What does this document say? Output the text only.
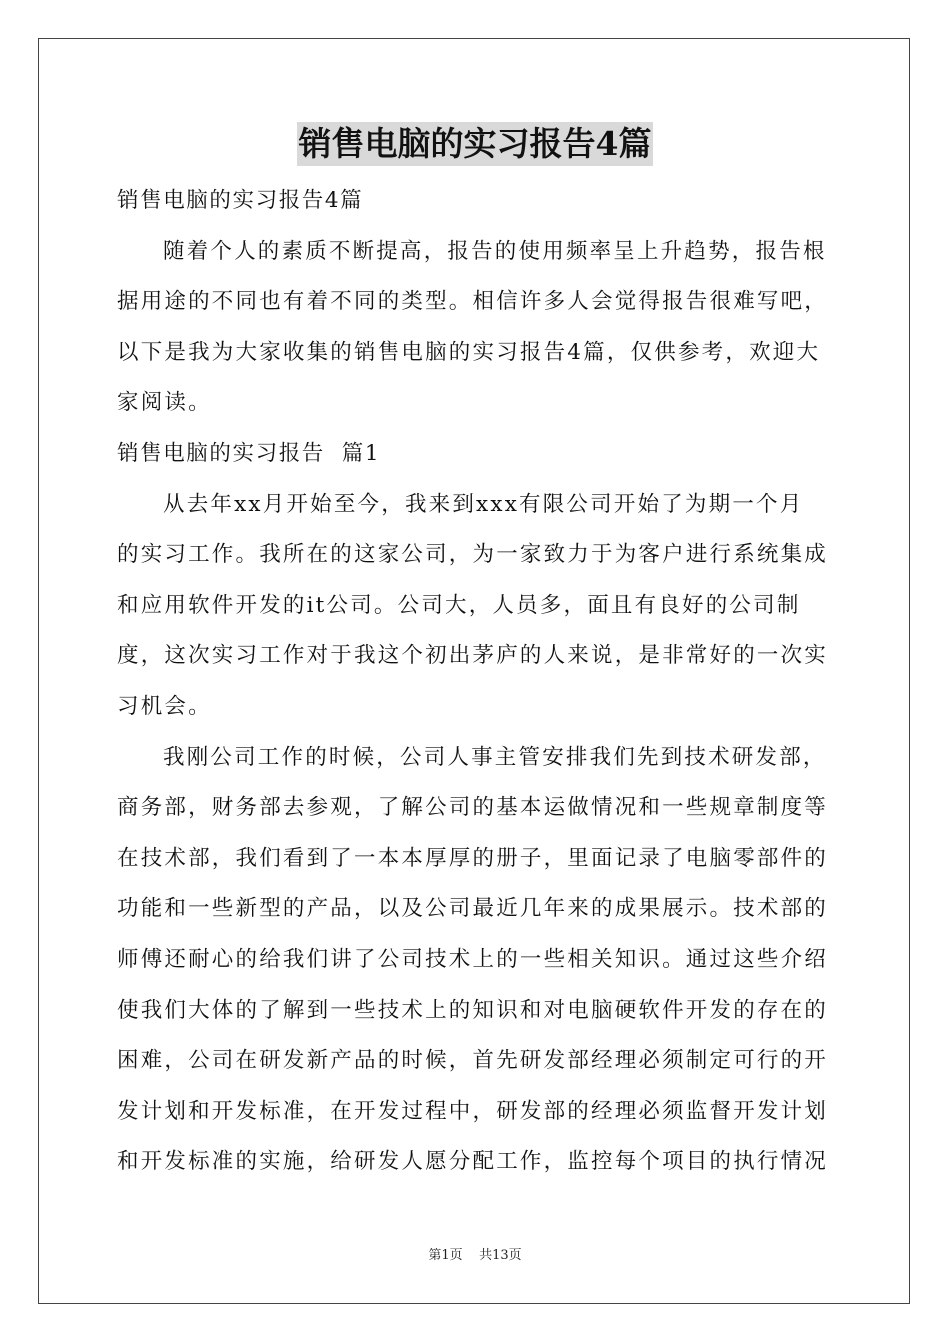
销售电脑的实习报告4篇
销售电脑的实习报告4篇
随着个人的素质不断提高，报告的使用频率呈上升趋势，报告根
据用途的不同也有着不同的类型。相信许多人会觉得报告很难写吧，
以下是我为大家收集的销售电脑的实习报告4篇，仅供参考，欢迎大
家阅读。
销售电脑的实习报告  篇1
从去年xx月开始至今，我来到xxx有限公司开始了为期一个月
的实习工作。我所在的这家公司，为一家致力于为客户进行系统集成
和应用软件开发的it公司。公司大，人员多，面且有良好的公司制
度，这次实习工作对于我这个初出茅庐的人来说，是非常好的一次实
习机会。
我刚公司工作的时候，公司人事主管安排我们先到技术研发部，
商务部，财务部去参观，了解公司的基本运做情况和一些规章制度等
在技术部，我们看到了一本本厚厚的册子，里面记录了电脑零部件的
功能和一些新型的产品，以及公司最近几年来的成果展示。技术部的
师傅还耐心的给我们讲了公司技术上的一些相关知识。通过这些介绍
使我们大体的了解到一些技术上的知识和对电脑硬软件开发的存在的
困难，公司在研发新产品的时候，首先研发部经理必须制定可行的开
发计划和开发标准，在开发过程中，研发部的经理必须监督开发计划
和开发标准的实施，给研发人愿分配工作，监控每个项目的执行情况
第1页    共13页
